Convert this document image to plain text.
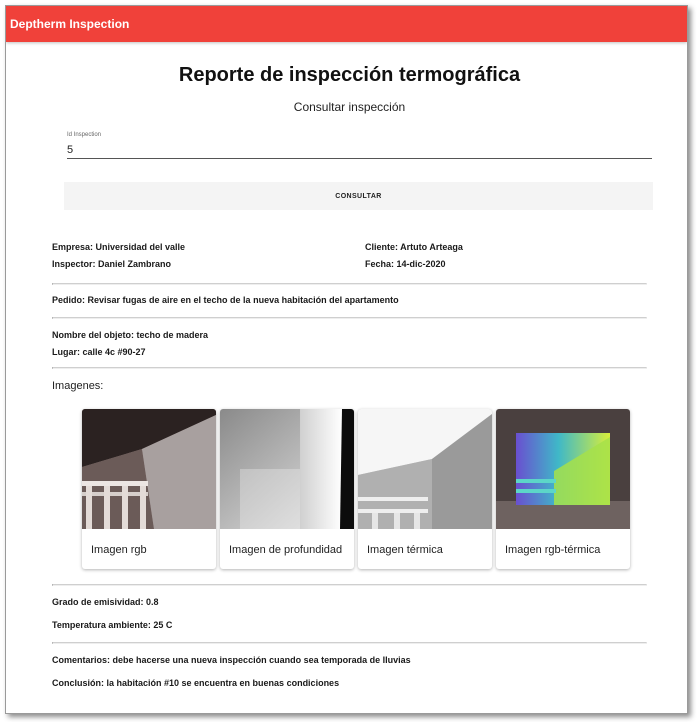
Deptherm Inspection
Reporte de inspección termográfica
Consultar inspección
Id Inspection
5
CONSULTAR
Empresa: Universidad del valle
Inspector: Daniel Zambrano
Cliente: Artuto Arteaga
Fecha: 14-dic-2020
Pedido: Revisar fugas de aire en el techo de la nueva habitación del apartamento
Nombre del objeto: techo de madera
Lugar: calle 4c #90-27
Imagenes:
Imagen rgb	Imagen de profundidad	Imagen térmica	Imagen rgb-térmica
Grado de emisividad: 0.8
Temperatura ambiente: 25 C
Comentarios: debe hacerse una nueva inspección cuando sea temporada de lluvias
Conclusión: la habitación #10 se encuentra en buenas condiciones
